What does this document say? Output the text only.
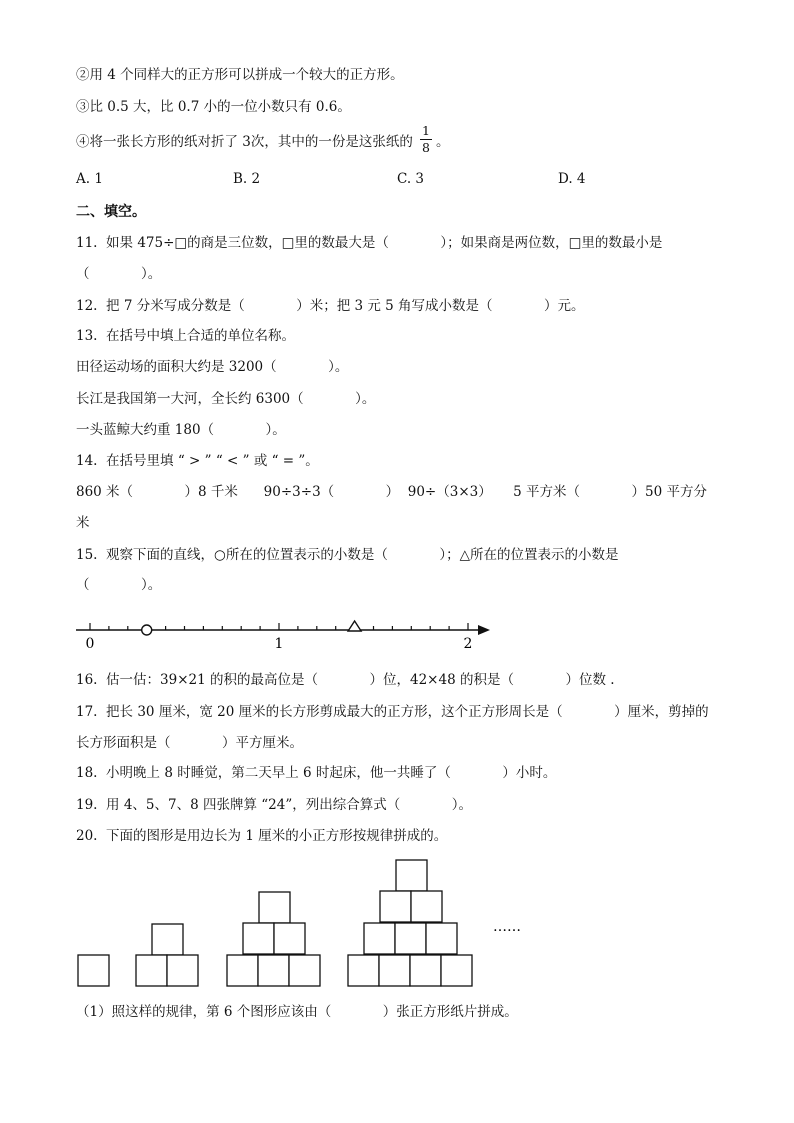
②用 4 个同样大的正方形可以拼成一个较大的正方形。
③比 0.5 大，比 0.7 小的一位小数只有 0.6。
④将一张长方形的纸对折了 3次，其中的一份是这张纸的
1
8 。
A. 1	B. 2	C. 3	D. 4
二、填空。
11.  如果 475÷□的商是三位数，□里的数最大是（            ）；如果商是两位数，□里的数最小是
（            ）。
12.  把 7 分米写成分数是（            ）米；把 3 元 5 角写成小数是（            ）元。
13.  在括号中填上合适的单位名称。
田径运动场的面积大约是 3200（            ）。
长江是我国第一大河，全长约 6300（            ）。
一头蓝鲸大约重 180（            ）。
14.  在括号里填 “ > ” “ < ” 或 “ = ”。
860 米（            ）8 千米      90÷3÷3（            ）  90÷（3×3）     5 平方米（            ）50 平方分
米
15.  观察下面的直线，○所在的位置表示的小数是（            ）；△所在的位置表示的小数是
（            ）。
0	1	2
16.  估一估：39×21 的积的最高位是（            ）位，42×48 的积是（            ）位数 .
17.  把长 30 厘米，宽 20 厘米的长方形剪成最大的正方形，这个正方形周长是（            ）厘米，剪掉的
长方形面积是（            ）平方厘米。
18.  小明晚上 8 时睡觉，第二天早上 6 时起床，他一共睡了（            ）小时。
19.  用 4、5、7、8 四张牌算 “24”，列出综合算式（            ）。
20.  下面的图形是用边长为 1 厘米的小正方形按规律拼成的。
……
（1）照这样的规律，第 6 个图形应该由（            ）张正方形纸片拼成。
